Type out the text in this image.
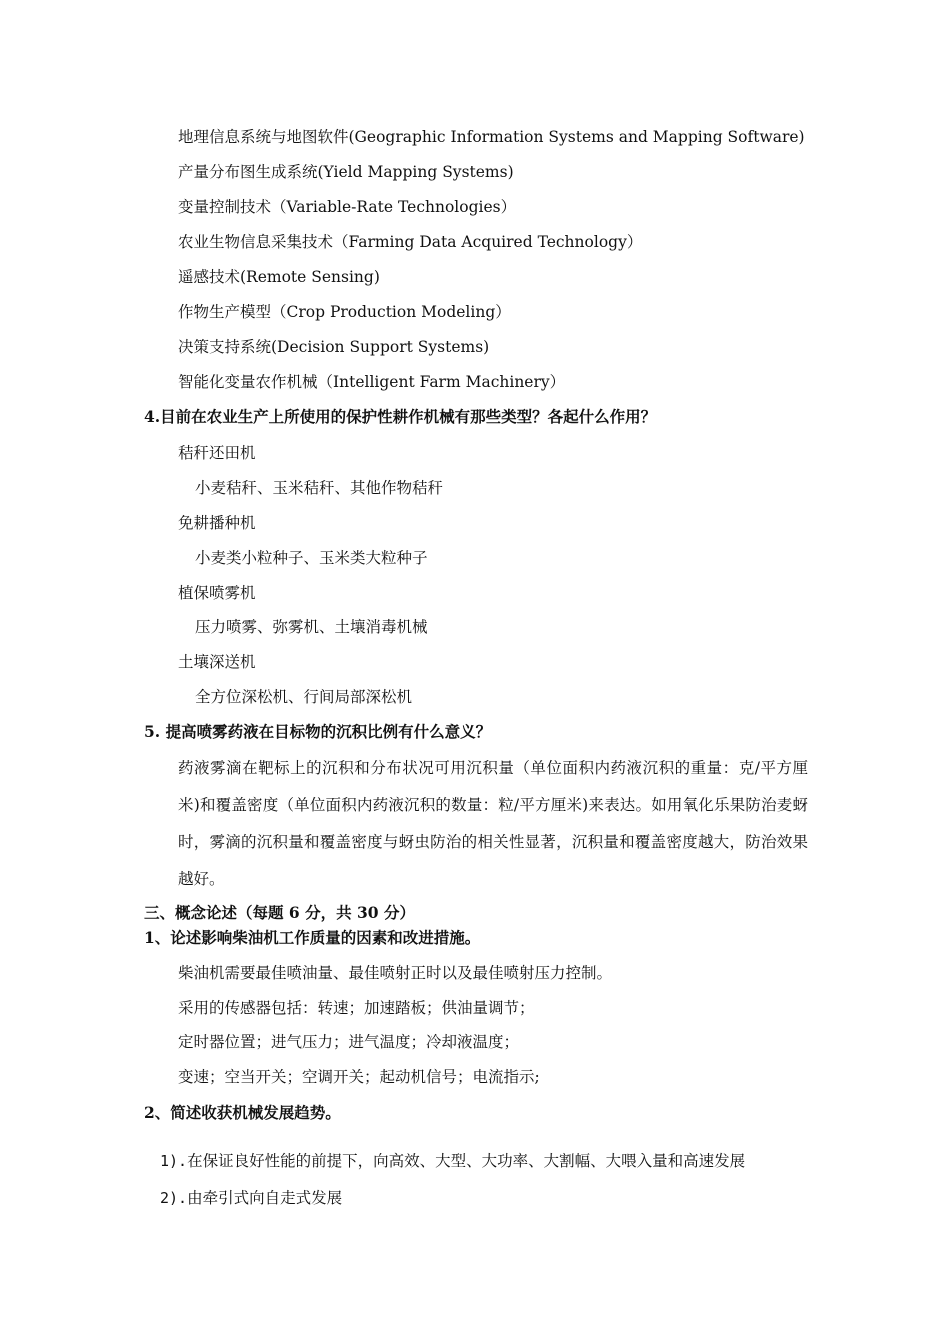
地理信息系统与地图软件(Geographic Information Systems and Mapping Software)
产量分布图生成系统(Yield Mapping Systems)
变量控制技术（Variable-Rate Technologies）
农业生物信息采集技术（Farming Data Acquired Technology）
遥感技术(Remote Sensing)
作物生产模型（Crop Production Modeling）
决策支持系统(Decision Support Systems)
智能化变量农作机械（Intelligent Farm Machinery）
4.目前在农业生产上所使用的保护性耕作机械有那些类型？各起什么作用？
秸秆还田机
小麦秸秆、玉米秸秆、其他作物秸秆
免耕播种机
小麦类小粒种子、玉米类大粒种子
植保喷雾机
压力喷雾、弥雾机、土壤消毒机械
土壤深送机
全方位深松机、行间局部深松机
5. 提高喷雾药液在目标物的沉积比例有什么意义？
药液雾滴在靶标上的沉积和分布状况可用沉积量（单位面积内药液沉积的重量：克/平方厘米)和覆盖密度（单位面积内药液沉积的数量：粒/平方厘米)来表达。如用氧化乐果防治麦蚜时，雾滴的沉积量和覆盖密度与蚜虫防治的相关性显著，沉积量和覆盖密度越大，防治效果越好。
三、概念论述（每题 6 分，共 30 分）
1、论述影响柴油机工作质量的因素和改进措施。
柴油机需要最佳喷油量、最佳喷射正时以及最佳喷射压力控制。
采用的传感器包括：转速；加速踏板；供油量调节；
定时器位置；进气压力；进气温度；冷却液温度；
变速；空当开关；空调开关；起动机信号；电流指示;
2、简述收获机械发展趋势。
1).在保证良好性能的前提下，向高效、大型、大功率、大割幅、大喂入量和高速发展
2).由牵引式向自走式发展
